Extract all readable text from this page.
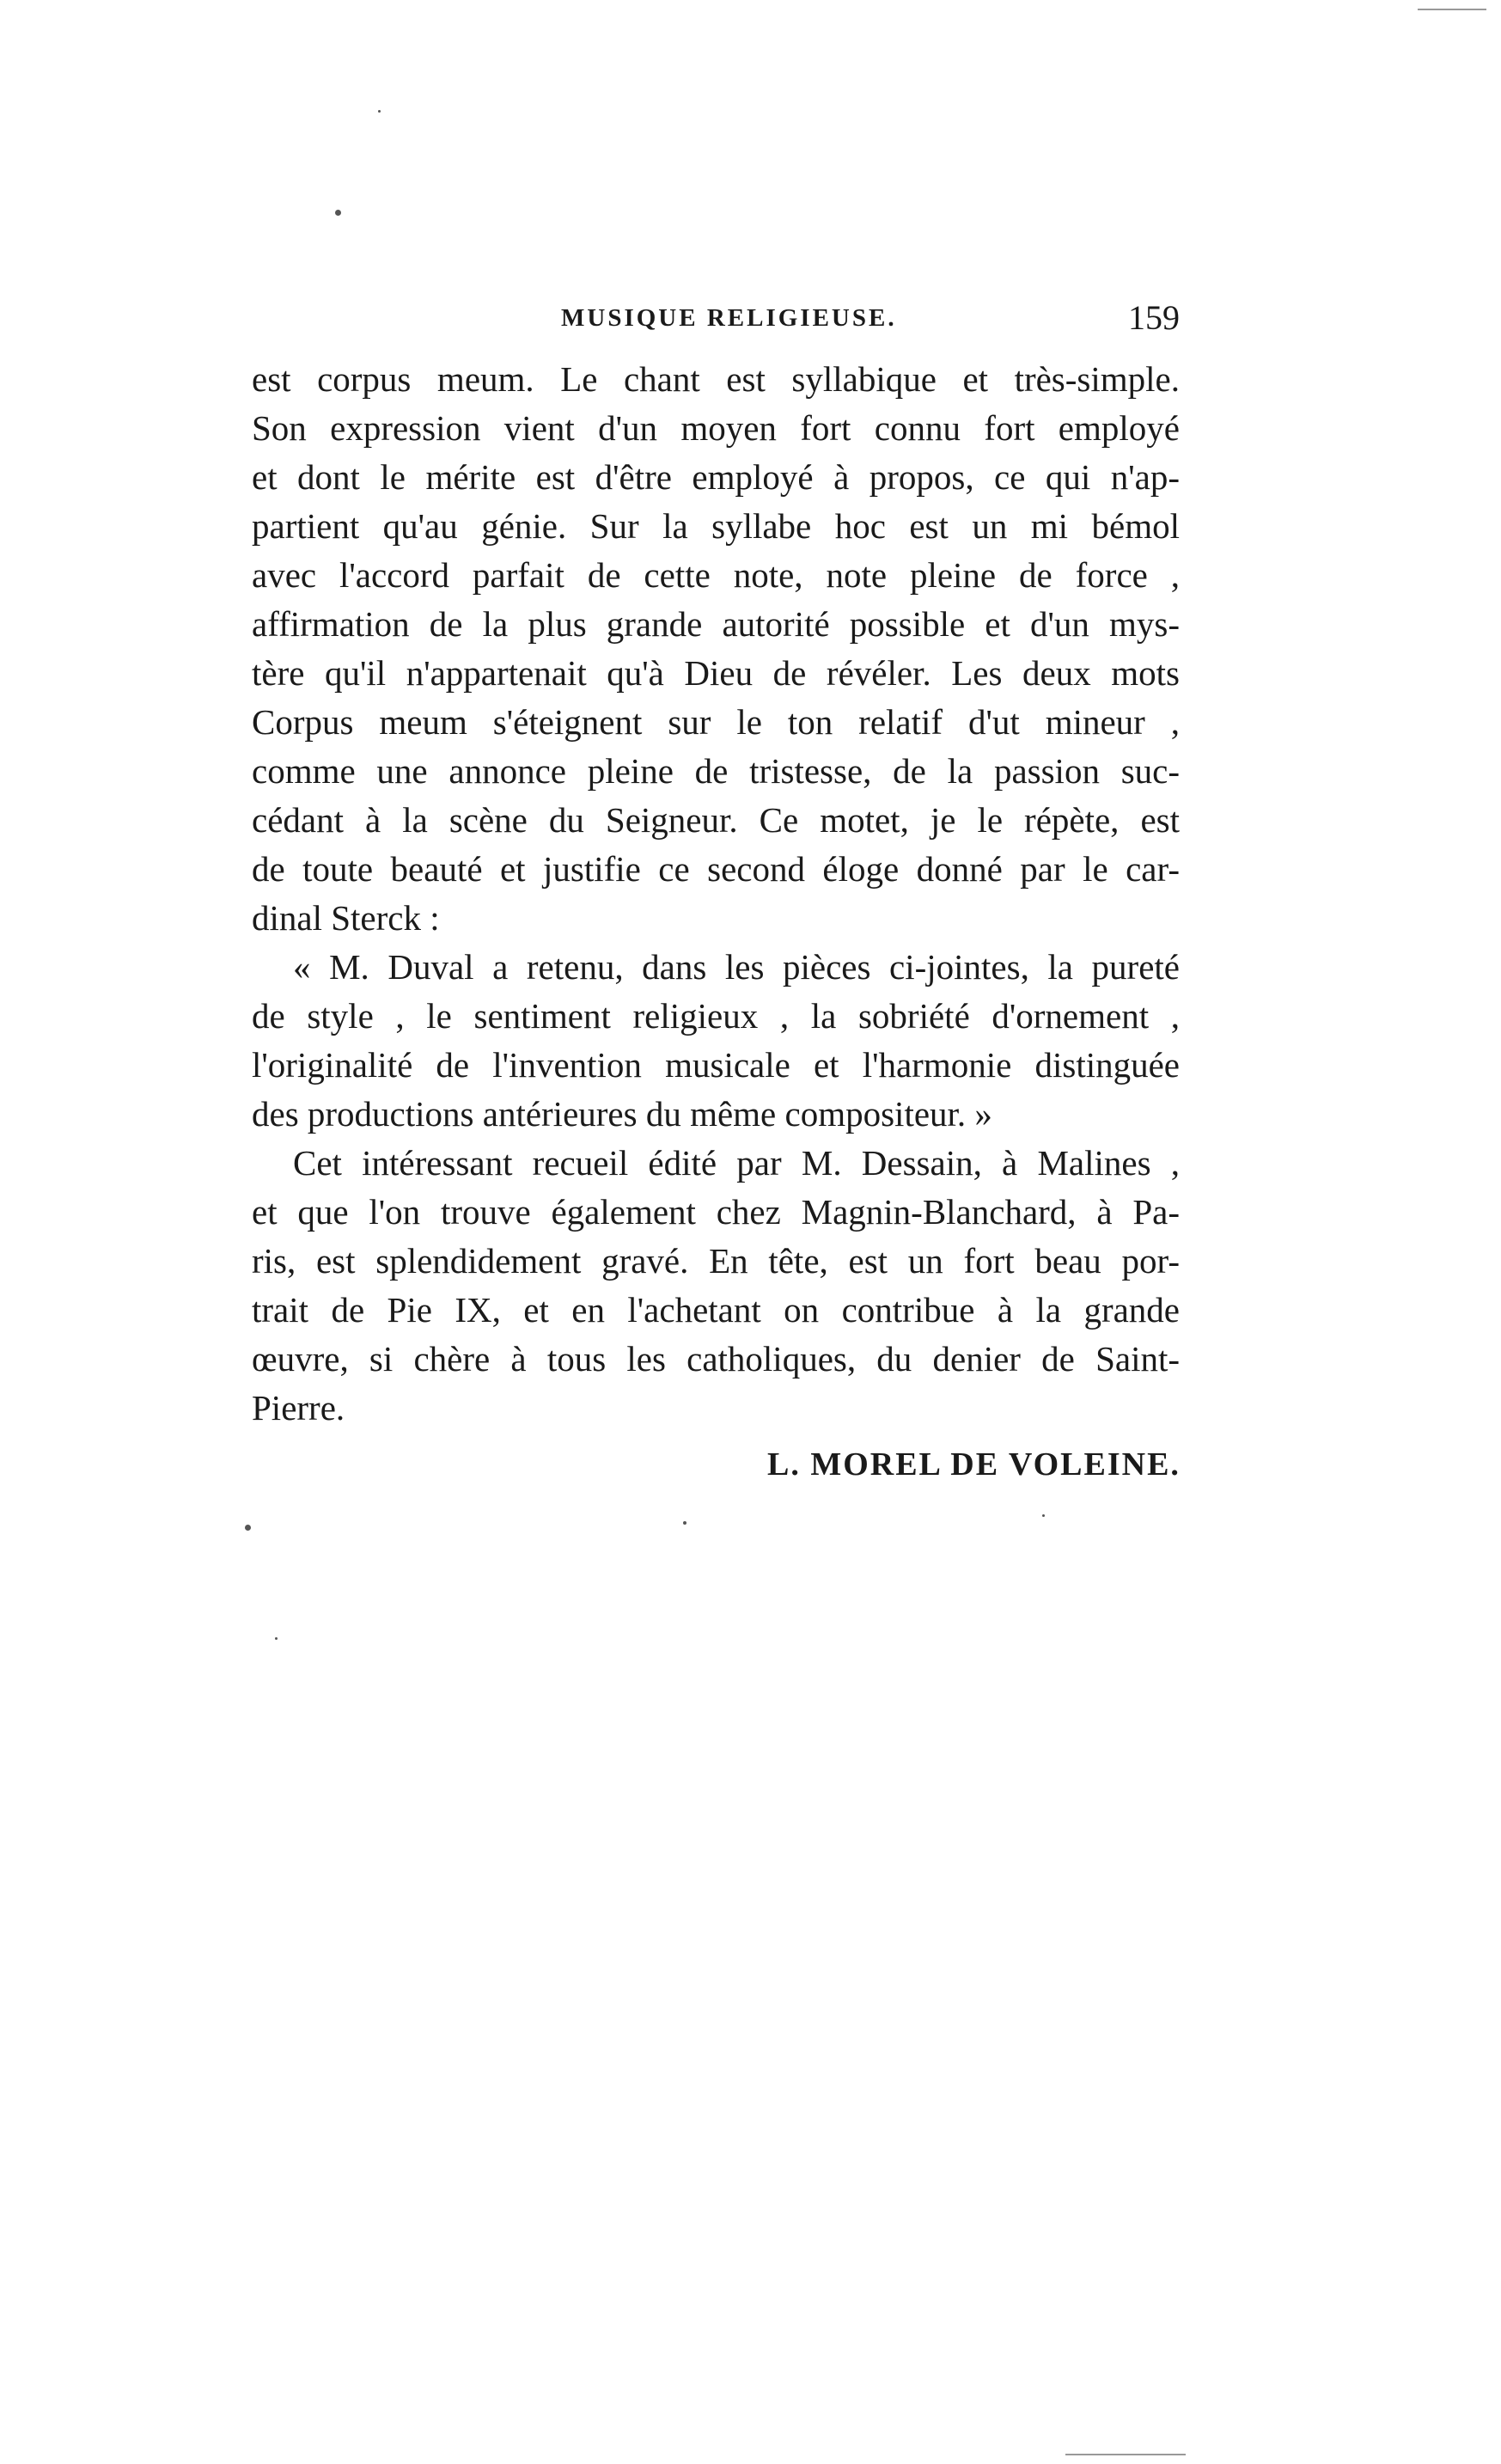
MUSIQUE RELIGIEUSE.	159
est corpus meum. Le chant est syllabique et très-simple.
Son expression vient d'un moyen fort connu fort employé
et dont le mérite est d'être employé à propos, ce qui n'ap-
partient qu'au génie. Sur la syllabe hoc est un mi bémol
avec l'accord parfait de cette note, note pleine de force ,
affirmation de la plus grande autorité possible et d'un mys-
tère qu'il n'appartenait qu'à Dieu de révéler. Les deux mots
Corpus meum s'éteignent sur le ton relatif d'ut mineur ,
comme une annonce pleine de tristesse, de la passion suc-
cédant à la scène du Seigneur. Ce motet, je le répète, est
de toute beauté et justifie ce second éloge donné par le car-
dinal Sterck :
« M. Duval a retenu, dans les pièces ci-jointes, la pureté
de style , le sentiment religieux , la sobriété d'ornement ,
l'originalité de l'invention musicale et l'harmonie distinguée
des productions antérieures du même compositeur. »
Cet intéressant recueil édité par M. Dessain, à Malines ,
et que l'on trouve également chez Magnin-Blanchard, à Pa-
ris, est splendidement gravé. En tête, est un fort beau por-
trait de Pie IX, et en l'achetant on contribue à la grande
œuvre, si chère à tous les catholiques, du denier de Saint-
Pierre.
L. MOREL DE VOLEINE.
